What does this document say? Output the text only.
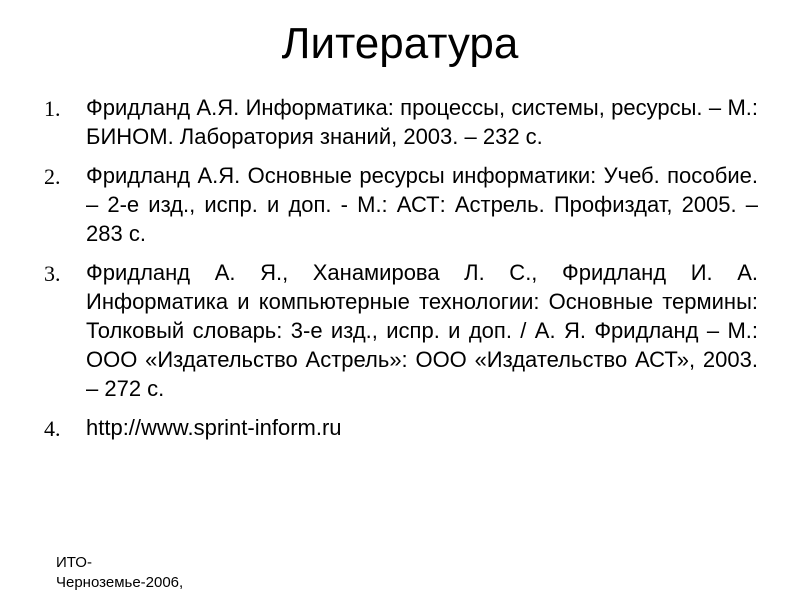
Литература
1.	Фридланд А.Я. Информатика: процессы, системы, ресурсы. – М.: БИНОМ. Лаборатория знаний, 2003. – 232 с.
2.	Фридланд А.Я. Основные ресурсы информатики: Учеб. пособие. – 2-е изд., испр. и доп. - М.: АСТ: Астрель. Профиздат, 2005. – 283 с.
3.	Фридланд А. Я., Ханамирова Л. С., Фридланд И. А. Информатика и компьютерные технологии: Основные термины: Толковый словарь: 3-е изд., испр. и доп. / А. Я. Фридланд – М.: ООО «Издательство Астрель»: ООО «Издательство АСТ», 2003. – 272 с.
4.	http://www.sprint-inform.ru
ИТО-
Черноземье-2006,
